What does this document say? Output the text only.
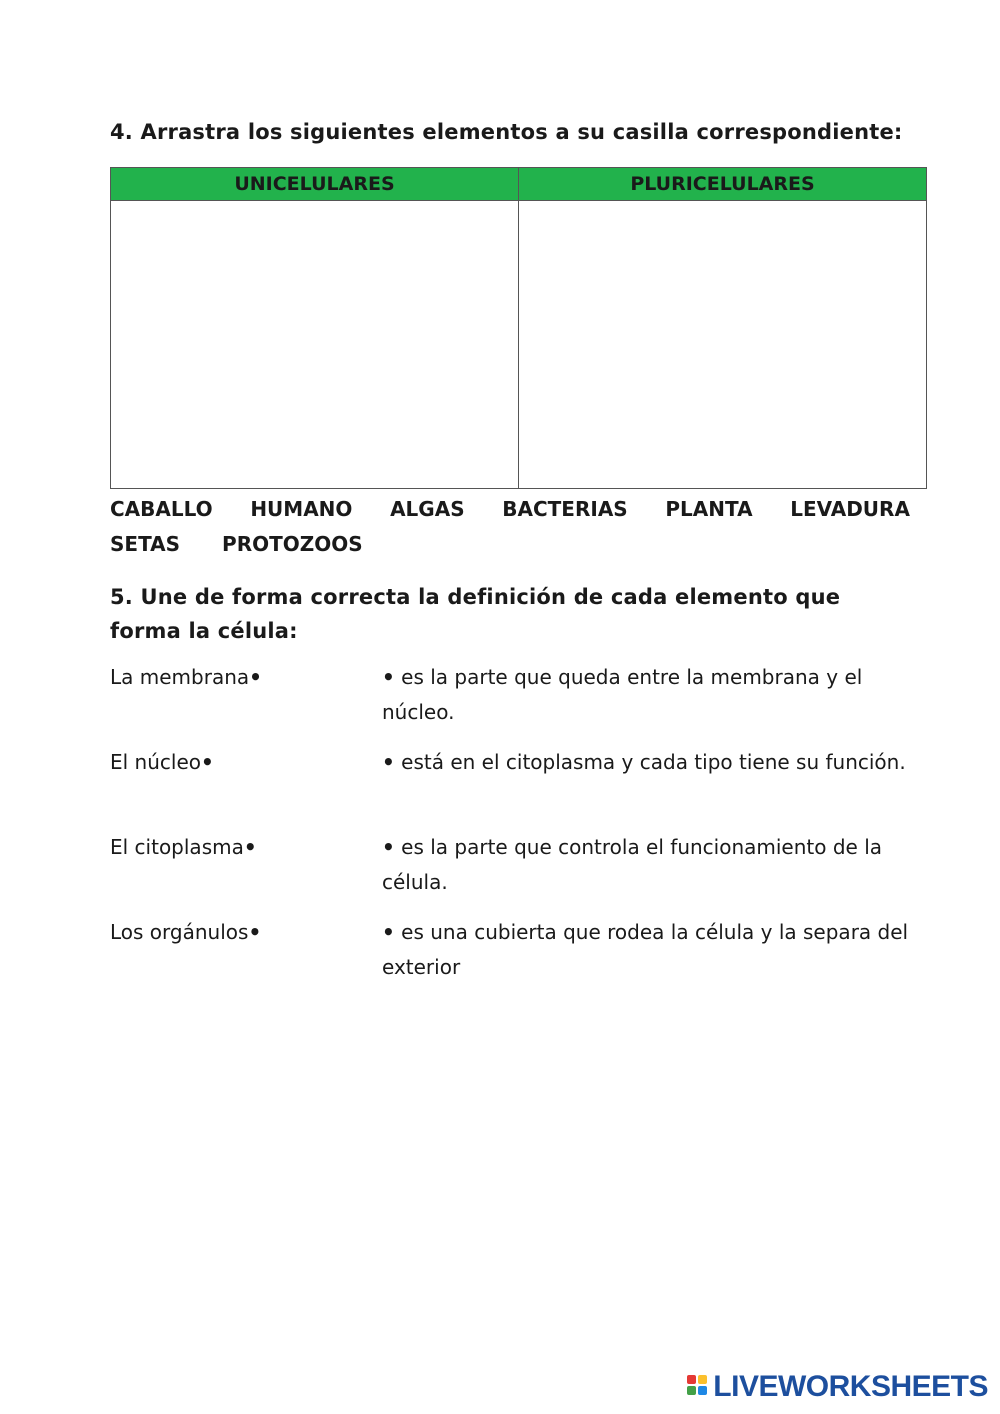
4. Arrastra los siguientes elementos a su casilla correspondiente:
UNICELULARES	PLURICELULARES
CABALLO HUMANO ALGAS BACTERIAS PLANTA LEVADURA
SETAS PROTOZOOS
5. Une de forma correcta la definición de cada elemento que forma la célula:
La membrana•	• es la parte que queda entre la membrana y el núcleo.
El núcleo•	• está en el citoplasma y cada tipo tiene su función.
El citoplasma•	• es la parte que controla el funcionamiento de la célula.
Los orgánulos•	• es una cubierta que rodea la célula y la separa del exterior
LIVEWORKSHEETS
